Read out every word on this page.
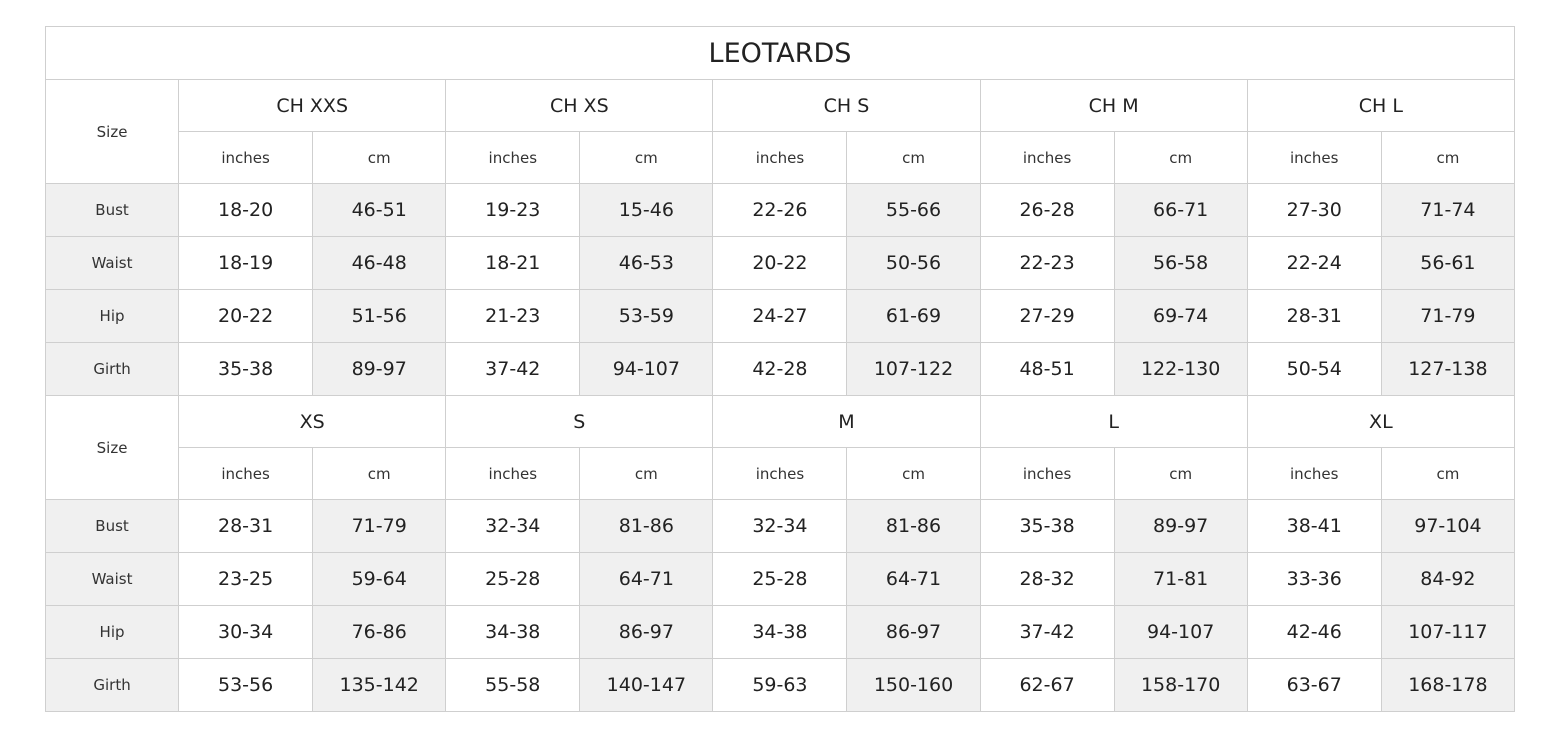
LEOTARDS										
Size	CH XXS		CH XS		CH S		CH M		CH L	
	inches	cm	inches	cm	inches	cm	inches	cm	inches	cm
Bust	18-20	46-51	19-23	15-46	22-26	55-66	26-28	66-71	27-30	71-74
Waist	18-19	46-48	18-21	46-53	20-22	50-56	22-23	56-58	22-24	56-61
Hip	20-22	51-56	21-23	53-59	24-27	61-69	27-29	69-74	28-31	71-79
Girth	35-38	89-97	37-42	94-107	42-28	107-122	48-51	122-130	50-54	127-138
Size	XS		S		M		L		XL	
	inches	cm	inches	cm	inches	cm	inches	cm	inches	cm
Bust	28-31	71-79	32-34	81-86	32-34	81-86	35-38	89-97	38-41	97-104
Waist	23-25	59-64	25-28	64-71	25-28	64-71	28-32	71-81	33-36	84-92
Hip	30-34	76-86	34-38	86-97	34-38	86-97	37-42	94-107	42-46	107-117
Girth	53-56	135-142	55-58	140-147	59-63	150-160	62-67	158-170	63-67	168-178
